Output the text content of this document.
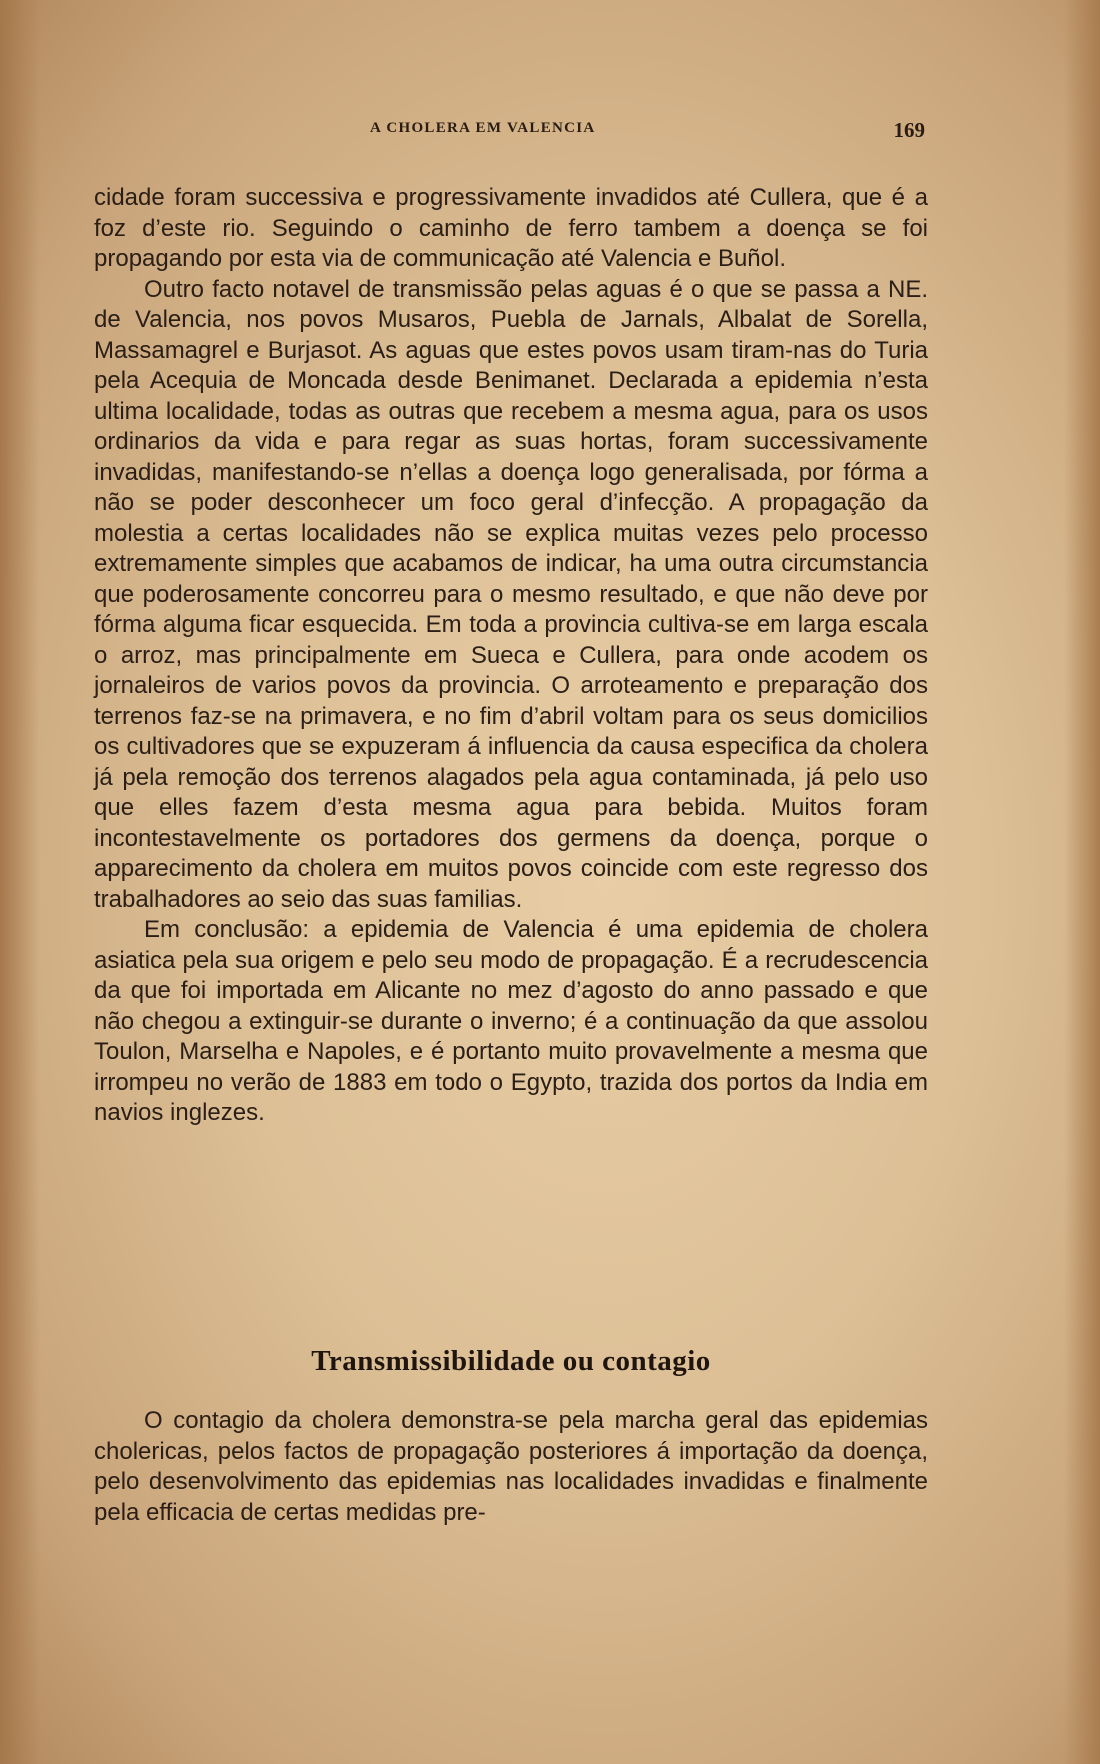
A CHOLERA EM VALENCIA	169

cidade foram successiva e progressivamente invadidos até Cullera, que é a foz d’este rio. Seguindo o caminho de ferro tambem a doença se foi propagando por esta via de communicação até Valencia e Buñol.

Outro facto notavel de transmissão pelas aguas é o que se passa a NE. de Valencia, nos povos Musaros, Puebla de Jarnals, Albalat de Sorella, Massamagrel e Burjasot. As aguas que estes povos usam tiram-nas do Turia pela Acequia de Moncada desde Benimanet. Declarada a epidemia n’esta ultima localidade, todas as outras que recebem a mesma agua, para os usos ordinarios da vida e para regar as suas hortas, foram successivamente invadidas, manifestando-se n’ellas a doença logo generalisada, por fórma a não se poder desconhecer um foco geral d’infecção. A propagação da molestia a certas localidades não se explica muitas vezes pelo processo extremamente simples que acabamos de indicar, ha uma outra circumstancia que poderosamente concorreu para o mesmo resultado, e que não deve por fórma alguma ficar esquecida. Em toda a provincia cultiva-se em larga escala o arroz, mas principalmente em Sueca e Cullera, para onde acodem os jornaleiros de varios povos da provincia. O arroteamento e preparação dos terrenos faz-se na primavera, e no fim d’abril voltam para os seus domicilios os cultivadores que se expuzeram á influencia da causa especifica da cholera já pela remoção dos terrenos alagados pela agua contaminada, já pelo uso que elles fazem d’esta mesma agua para bebida. Muitos foram incontestavelmente os portadores dos germens da doença, porque o apparecimento da cholera em muitos povos coincide com este regresso dos trabalhadores ao seio das suas familias.

Em conclusão: a epidemia de Valencia é uma epidemia de cholera asiatica pela sua origem e pelo seu modo de propagação. É a recrudescencia da que foi importada em Alicante no mez d’agosto do anno passado e que não chegou a extinguir-se durante o inverno; é a continuação da que assolou Toulon, Marselha e Napoles, e é portanto muito provavelmente a mesma que irrompeu no verão de 1883 em todo o Egypto, trazida dos portos da India em navios inglezes.

Transmissibilidade ou contagio

O contagio da cholera demonstra-se pela marcha geral das epidemias cholericas, pelos factos de propagação posteriores á importação da doença, pelo desenvolvimento das epidemias nas localidades invadidas e finalmente pela efficacia de certas medidas pre-
